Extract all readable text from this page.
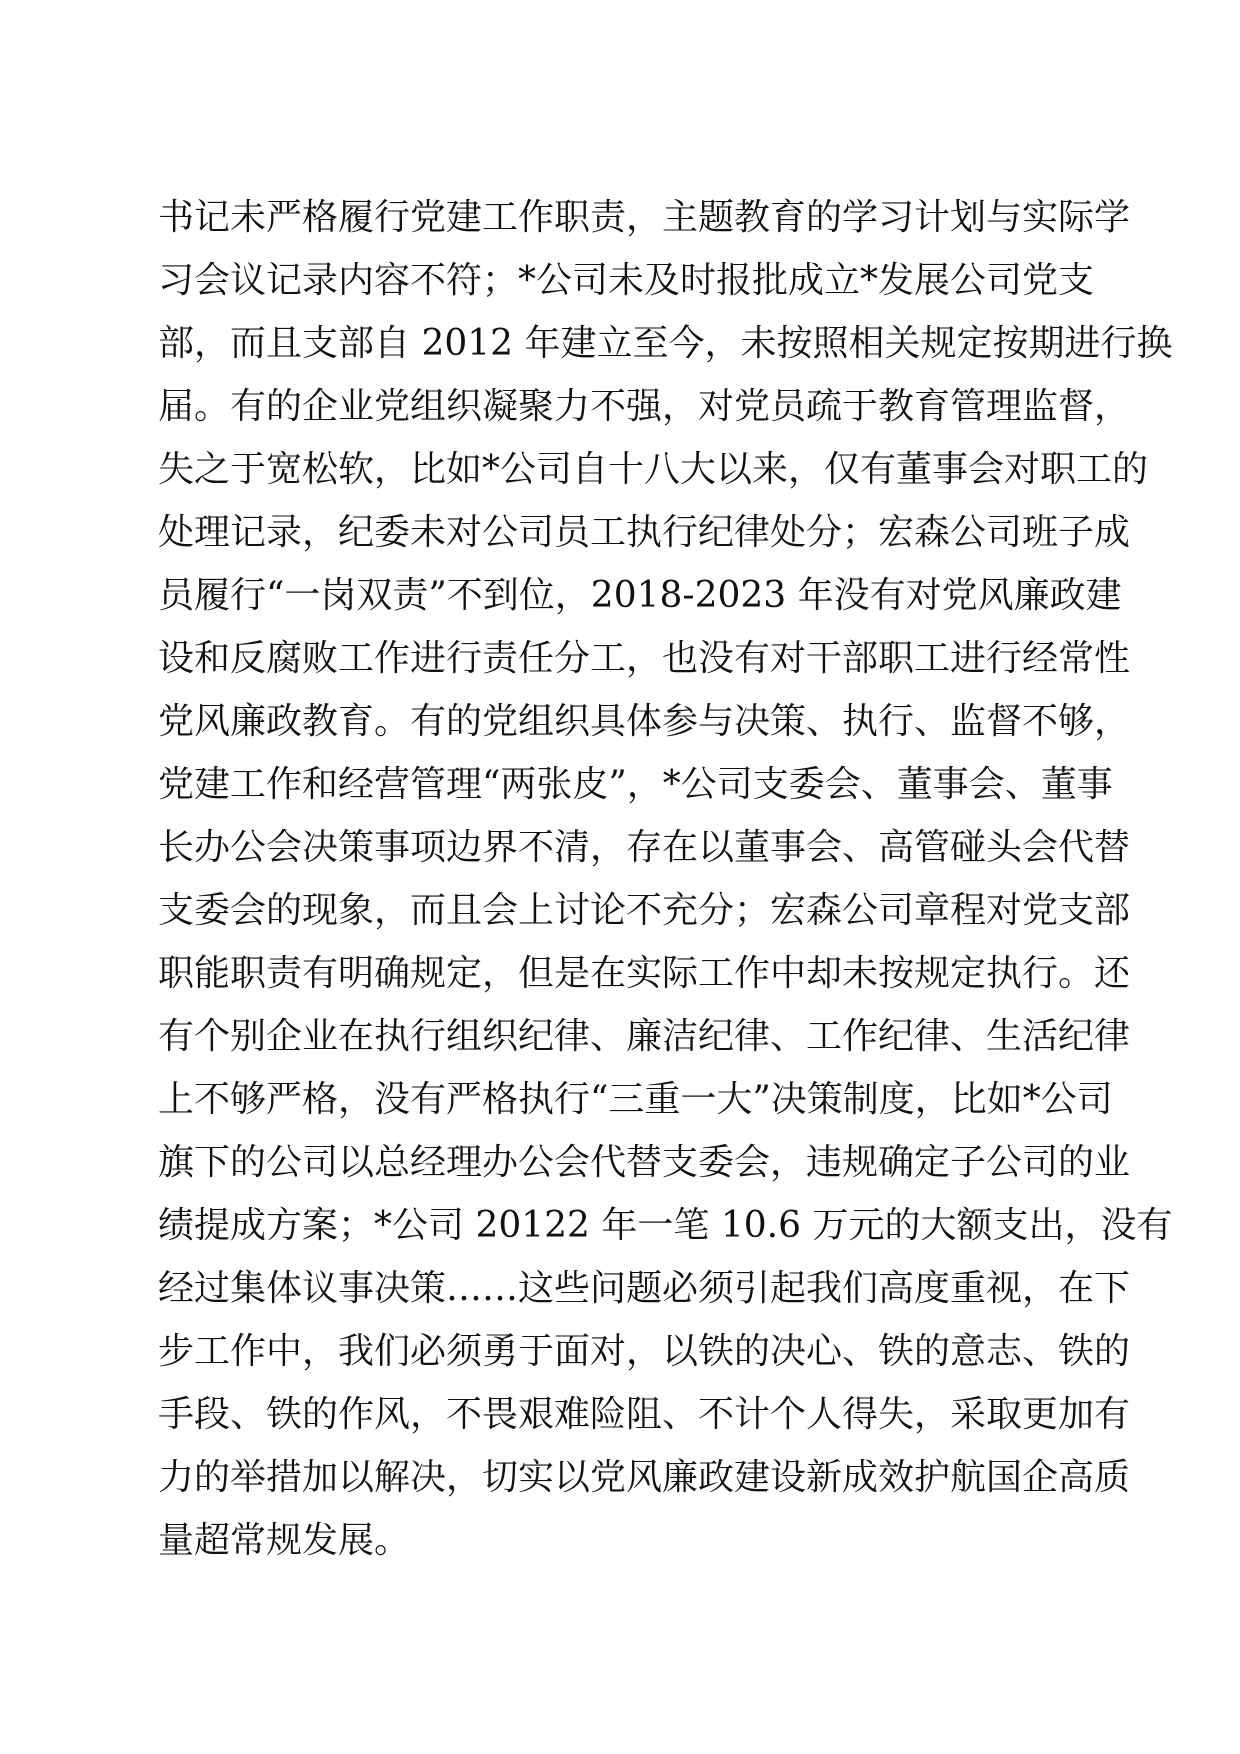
书记未严格履行党建工作职责，主题教育的学习计划与实际学
习会议记录内容不符；*公司未及时报批成立*发展公司党支
部，而且支部自 2012 年建立至今，未按照相关规定按期进行换
届。有的企业党组织凝聚力不强，对党员疏于教育管理监督，
失之于宽松软，比如*公司自十八大以来，仅有董事会对职工的
处理记录，纪委未对公司员工执行纪律处分；宏森公司班子成
员履行“一岗双责”不到位，2018-2023 年没有对党风廉政建
设和反腐败工作进行责任分工，也没有对干部职工进行经常性
党风廉政教育。有的党组织具体参与决策、执行、监督不够，
党建工作和经营管理“两张皮”，*公司支委会、董事会、董事
长办公会决策事项边界不清，存在以董事会、高管碰头会代替
支委会的现象，而且会上讨论不充分；宏森公司章程对党支部
职能职责有明确规定，但是在实际工作中却未按规定执行。还
有个别企业在执行组织纪律、廉洁纪律、工作纪律、生活纪律
上不够严格，没有严格执行“三重一大”决策制度，比如*公司
旗下的公司以总经理办公会代替支委会，违规确定子公司的业
绩提成方案；*公司 20122 年一笔 10.6 万元的大额支出，没有
经过集体议事决策……这些问题必须引起我们高度重视，在下
步工作中，我们必须勇于面对，以铁的决心、铁的意志、铁的
手段、铁的作风，不畏艰难险阻、不计个人得失，采取更加有
力的举措加以解决，切实以党风廉政建设新成效护航国企高质
量超常规发展。
